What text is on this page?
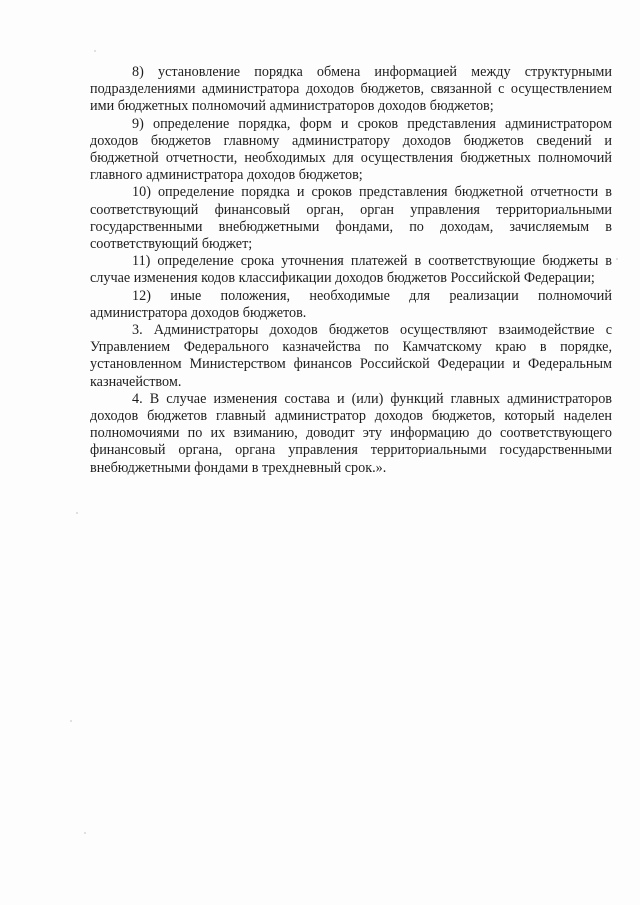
8) установление порядка обмена информацией между структурными подразделениями администратора доходов бюджетов, связанной с осуществлением ими бюджетных полномочий администраторов доходов бюджетов;

9) определение порядка, форм и сроков представления администратором доходов бюджетов главному администратору доходов бюджетов сведений и бюджетной отчетности, необходимых для осуществления бюджетных полномочий главного администратора доходов бюджетов;

10) определение порядка и сроков представления бюджетной отчетности в соответствующий финансовый орган, орган управления территориальными государственными внебюджетными фондами, по доходам, зачисляемым в соответствующий бюджет;

11) определение срока уточнения платежей в соответствующие бюджеты в случае изменения кодов классификации доходов бюджетов Российской Федерации;

12) иные положения, необходимые для реализации полномочий администратора доходов бюджетов.

3. Администраторы доходов бюджетов осуществляют взаимодействие с Управлением Федерального казначейства по Камчатскому краю в порядке, установленном Министерством финансов Российской Федерации и Федеральным казначейством.

4. В случае изменения состава и (или) функций главных администраторов доходов бюджетов главный администратор доходов бюджетов, который наделен полномочиями по их взиманию, доводит эту информацию до соответствующего финансовый органа, органа управления территориальными государственными внебюджетными фондами в трехдневный срок.».
